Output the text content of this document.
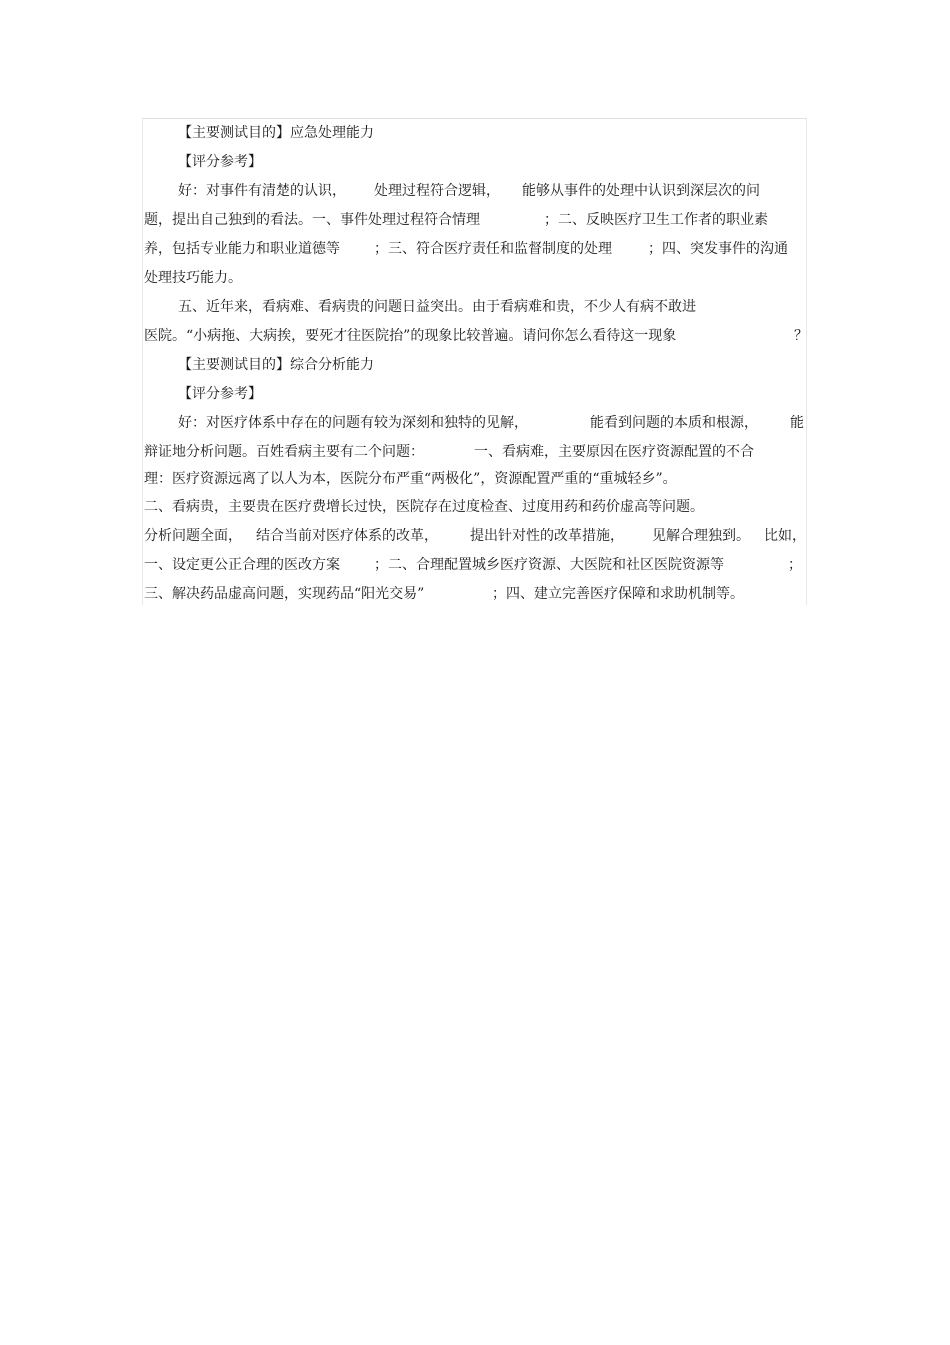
【主要测试目的】应急处理能力
【评分参考】
好：对事件有清楚的认识， 处理过程符合逻辑， 能够从事件的处理中认识到深层次的问
题，提出自己独到的看法。一、事件处理过程符合情理	；二、反映医疗卫生工作者的职业素
养，包括专业能力和职业道德等 ；三、符合医疗责任和监督制度的处理	；四、突发事件的沟通
处理技巧能力。
五、近年来，看病难、看病贵的问题日益突出。由于看病难和贵，不少人有病不敢进
医院。“小病拖、大病挨，要死才往医院抬”的现象比较普遍。请问你怎么看待这一现象	？
【主要测试目的】综合分析能力
【评分参考】
好：对医疗体系中存在的问题有较为深刻和独特的见解，	能看到问题的本质和根源， 能
辩证地分析问题。百姓看病主要有二个问题：	一、看病难，主要原因在医疗资源配置的不合
理：医疗资源远离了以人为本，医院分布严重“两极化”，资源配置严重的“重城轻乡”。
二、看病贵，主要贵在医疗费增长过快，医院存在过度检查、过度用药和药价虚高等问题。
分析问题全面， 结合当前对医疗体系的改革， 提出针对性的改革措施， 见解合理独到。 比如，
一、设定更公正合理的医改方案 ；二、合理配置城乡医疗资源、大医院和社区医院资源等	；
三、解决药品虚高问题，实现药品“阳光交易”	；四、建立完善医疗保障和求助机制等。
